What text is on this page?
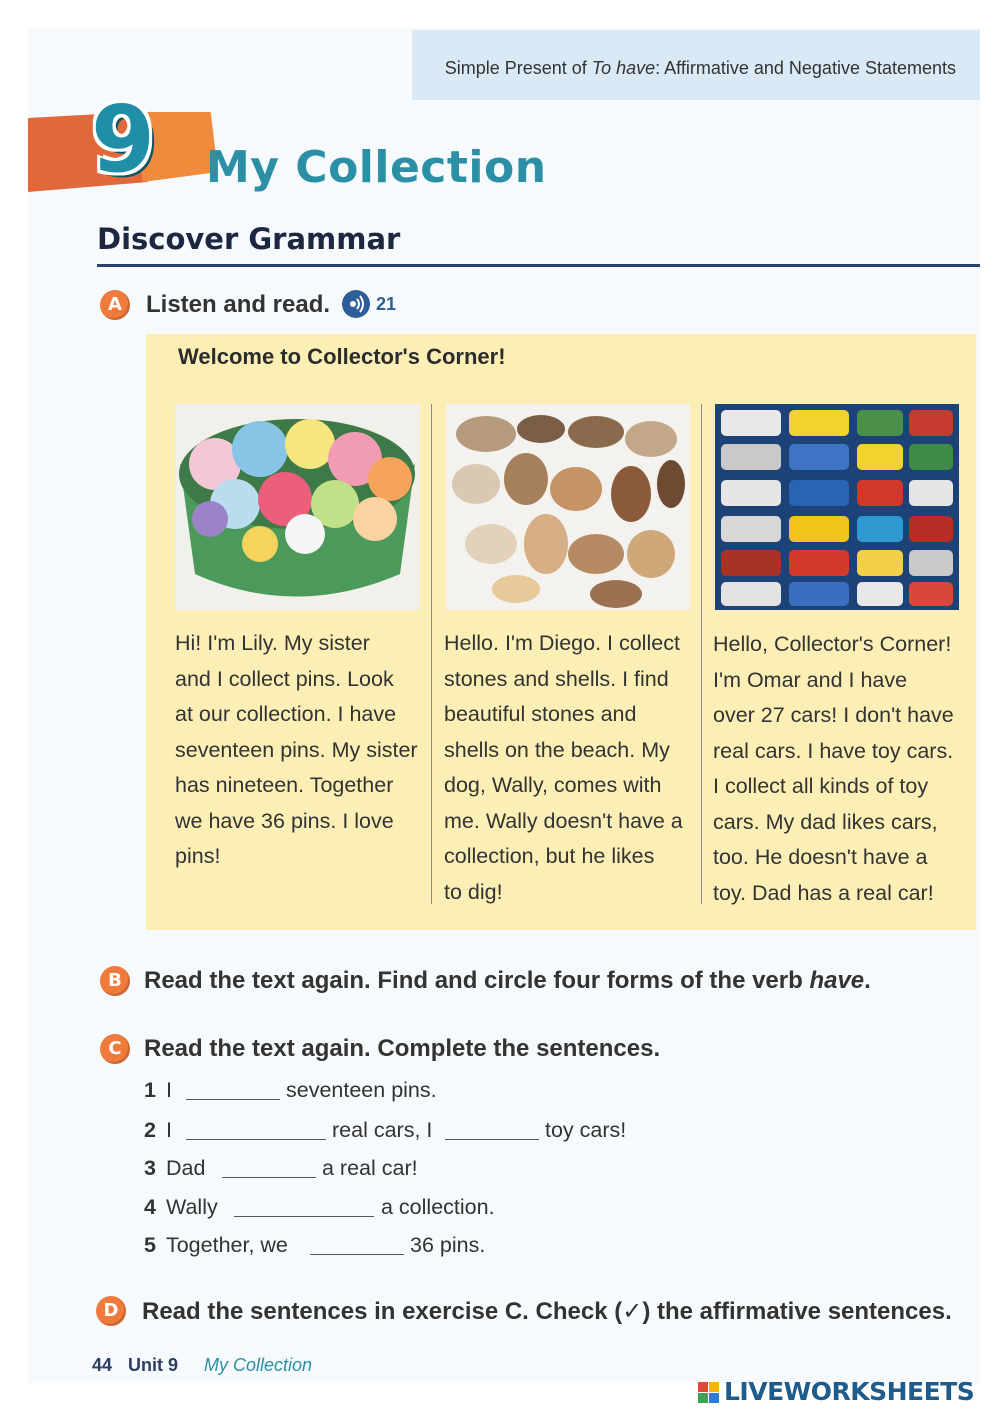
Simple Present of To have: Affirmative and Negative Statements
9 My Collection
Discover Grammar
A	Listen and read.	21
Welcome to Collector's Corner!
Hi! I'm Lily. My sister
and I collect pins. Look
at our collection. I have
seventeen pins. My sister
has nineteen. Together
we have 36 pins. I love
pins!
Hello. I'm Diego. I collect
stones and shells. I find
beautiful stones and
shells on the beach. My
dog, Wally, comes with
me. Wally doesn't have a
collection, but he likes
to dig!
Hello, Collector's Corner!
I'm Omar and I have
over 27 cars! I don't have
real cars. I have toy cars.
I collect all kinds of toy
cars. My dad likes cars,
too. He doesn't have a
toy. Dad has a real car!
B Read the text again. Find and circle four forms of the verb have.
C Read the text again. Complete the sentences.
1 I	seventeen pins.
2 I	real cars, I	toy cars!
3 Dad	a real car!
4 Wally	a collection.
5 Together, we	36 pins.
D Read the sentences in exercise C. Check (✓) the affirmative sentences.
44 Unit 9 My Collection
LIVEWORKSHEETS
